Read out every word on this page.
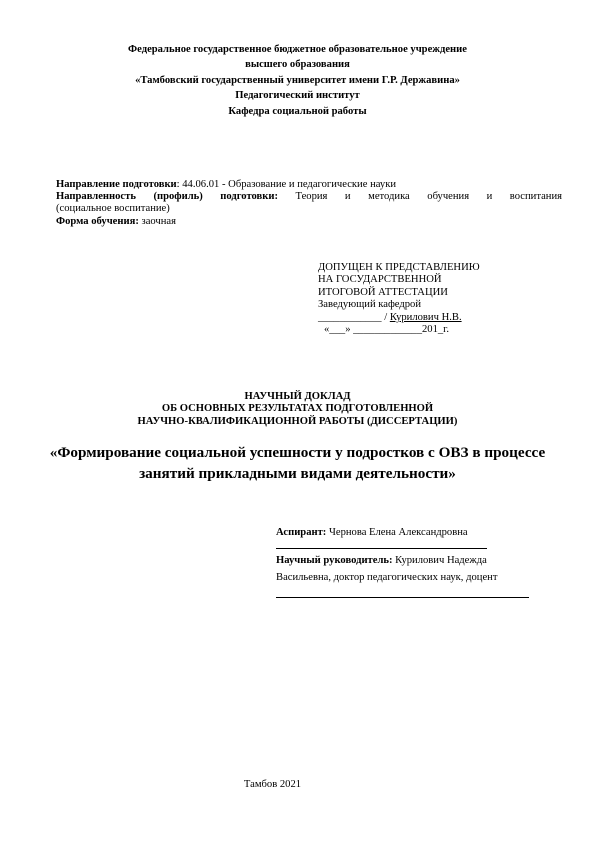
Федеральное государственное бюджетное образовательное учреждение
высшего образования
«Тамбовский государственный университет имени Г.Р. Державина»
Педагогический институт
Кафедра социальной работы
Направление подготовки: 44.06.01 - Образование и педагогические науки
Направленность (профиль) подготовки: Теория и методика обучения и воспитания
(социальное воспитание)
Форма обучения: заочная
ДОПУЩЕН К ПРЕДСТАВЛЕНИЮ
НА ГОСУДАРСТВЕННОЙ
ИТОГОВОЙ АТТЕСТАЦИИ
Заведующий кафедрой
____________ / Курилович Н.В.
«___» _____________201_г.
НАУЧНЫЙ ДОКЛАД
ОБ ОСНОВНЫХ РЕЗУЛЬТАТАХ ПОДГОТОВЛЕННОЙ
НАУЧНО-КВАЛИФИКАЦИОННОЙ РАБОТЫ (ДИССЕРТАЦИИ)
«Формирование социальной успешности у подростков с ОВЗ в процессе занятий прикладными видами деятельности»
Аспирант: Чернова Елена Александровна
Научный руководитель: Курилович Надежда Васильевна, доктор педагогических наук, доцент
Тамбов 2021
